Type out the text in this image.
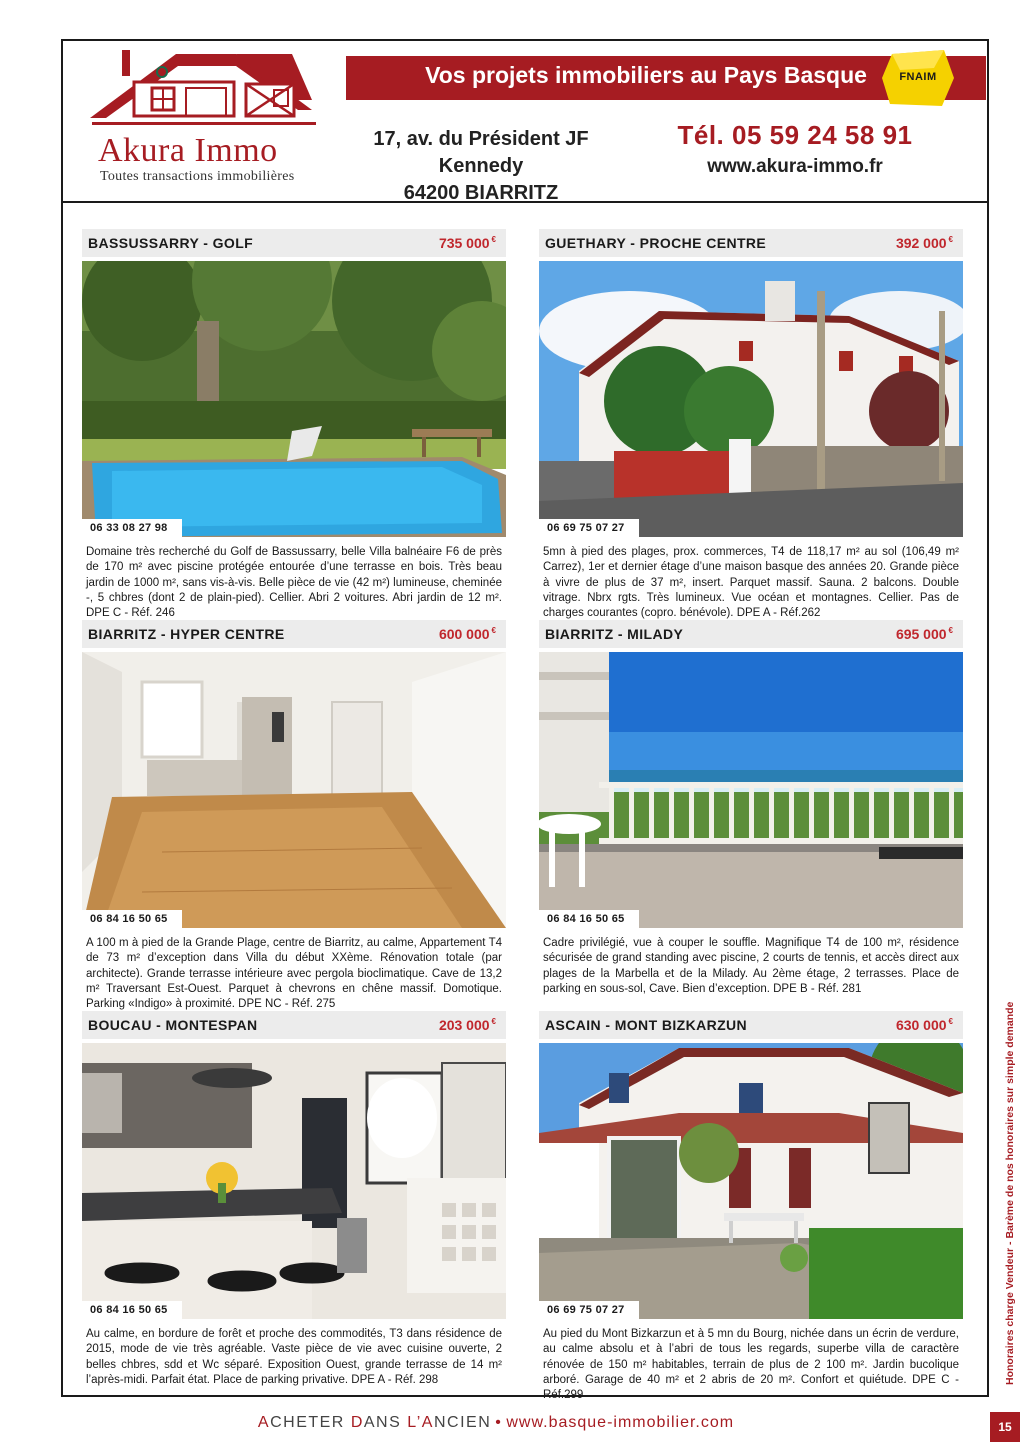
Akura Immo
Toutes transactions immobilières
Vos projets immobiliers au Pays Basque	FNAIM
17, av. du Président JF Kennedy
64200 BIARRITZ
Tél. 05 59 24 58 91
www.akura-immo.fr
BASSUSSARRY - GOLF	735 000 €
06 33 08 27 98
Domaine très recherché du Golf de Bassussarry, belle Villa balnéaire F6 de près de 170 m² avec piscine protégée entourée d’une terrasse en bois. Très beau jardin de 1000 m², sans vis-à-vis. Belle pièce de vie (42 m²) lumineuse, cheminée -, 5 chbres (dont 2 de plain-pied). Cellier. Abri 2 voitures. Abri jardin de 12 m². DPE C - Réf. 246
GUETHARY - PROCHE CENTRE	392 000 €
06 69 75 07 27
5mn à pied des plages, prox. commerces, T4 de 118,17 m² au sol (106,49 m² Carrez), 1er et dernier étage d’une maison basque des années 20. Grande pièce à vivre de plus de 37 m², insert. Parquet massif. Sauna. 2 balcons. Double vitrage. Nbrx rgts. Très lumineux. Vue océan et montagnes. Cellier. Pas de charges courantes (copro. bénévole). DPE A - Réf.262
BIARRITZ - HYPER CENTRE	600 000 €
06 84 16 50 65
A 100 m à pied de la Grande Plage, centre de Biarritz, au calme, Appartement T4 de 73 m² d’exception dans Villa du début XXème. Rénovation totale (par architecte). Grande terrasse intérieure avec pergola bioclimatique. Cave de 13,2 m² Traversant Est-Ouest. Parquet à chevrons en chêne massif. Domotique. Parking «Indigo» à proximité. DPE NC - Réf. 275
BIARRITZ - MILADY	695 000 €
06 84 16 50 65
Cadre privilégié, vue à couper le souffle. Magnifique T4 de 100 m², résidence sécurisée de grand standing avec piscine, 2 courts de tennis, et accès direct aux plages de la Marbella et de la Milady. Au 2ème étage, 2 terrasses. Place de parking en sous-sol, Cave. Bien d’exception. DPE B - Réf. 281
BOUCAU - MONTESPAN	203 000 €
06 84 16 50 65
Au calme, en bordure de forêt et proche des commodités, T3 dans résidence de 2015, mode de vie très agréable. Vaste pièce de vie avec cuisine ouverte, 2 belles chbres, sdd et Wc séparé. Exposition Ouest, grande terrasse de 14 m² l’après-midi. Parfait état. Place de parking privative. DPE A - Réf. 298
ASCAIN - MONT BIZKARZUN	630 000 €
06 69 75 07 27
Au pied du Mont Bizkarzun et à 5 mn du Bourg, nichée dans un écrin de verdure, au calme absolu et à l’abri de tous les regards, superbe villa de caractère rénovée de 150 m² habitables, terrain de plus de 2 100 m². Jardin bucolique arboré. Garage de 40 m² et 2 abris de 20 m². Confort et quiétude. DPE C - Réf.299
Honoraires charge Vendeur - Barème de nos honoraires sur simple demande
ACHETER DANS L’ANCIEN • www.basque-immobilier.com	15
